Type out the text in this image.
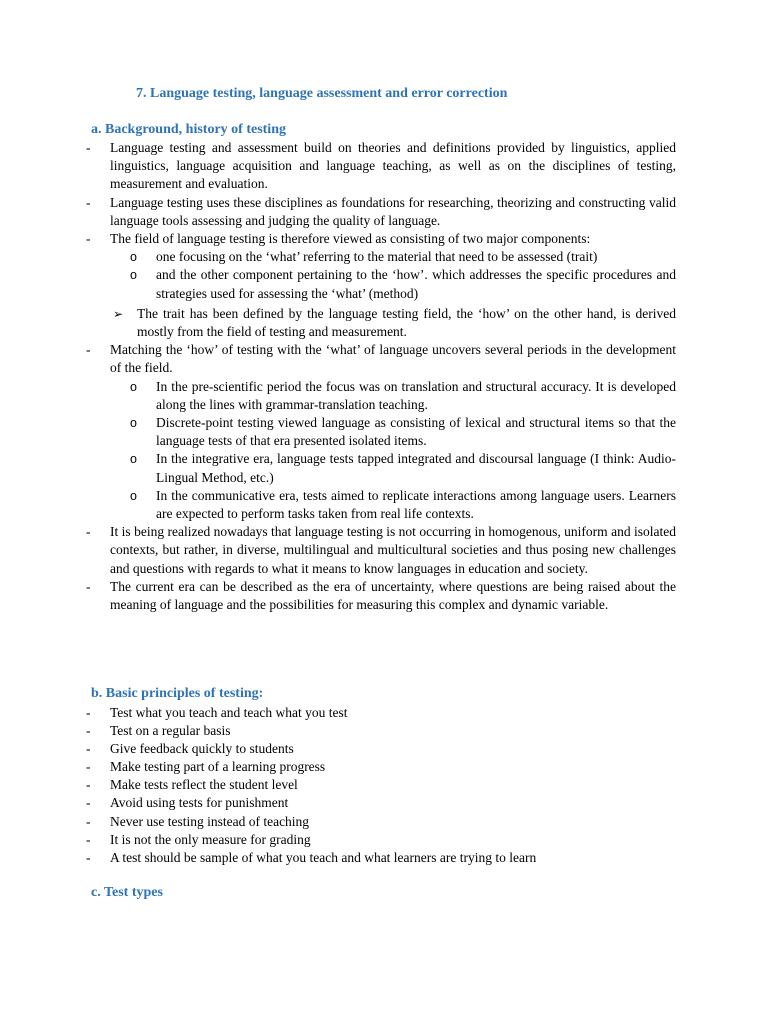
7. Language testing, language assessment and error correction
a. Background, history of testing
-	Language testing and assessment build on theories and definitions provided by linguistics, applied linguistics, language acquisition and language teaching, as well as on the disciplines of testing, measurement and evaluation.
-	Language testing uses these disciplines as foundations for researching, theorizing and constructing valid language tools assessing and judging the quality of language.
-	The field of language testing is therefore viewed as consisting of two major components:
o	one focusing on the ‘what’ referring to the material that need to be assessed (trait)
o	and the other component pertaining to the ‘how’. which addresses the specific procedures and strategies used for assessing the ‘what’ (method)
➢	The trait has been defined by the language testing field, the ‘how’ on the other hand, is derived mostly from the field of testing and measurement.
-	Matching the ‘how’ of testing with the ‘what’ of language uncovers several periods in the development of the field.
o	In the pre-scientific period the focus was on translation and structural accuracy. It is developed along the lines with grammar-translation teaching.
o	Discrete-point testing viewed language as consisting of lexical and structural items so that the language tests of that era presented isolated items.
o	In the integrative era, language tests tapped integrated and discoursal language (I think: Audio-Lingual Method, etc.)
o	In the communicative era, tests aimed to replicate interactions among language users. Learners are expected to perform tasks taken from real life contexts.
-	It is being realized nowadays that language testing is not occurring in homogenous, uniform and isolated contexts, but rather, in diverse, multilingual and multicultural societies and thus posing new challenges and questions with regards to what it means to know languages in education and society.
-	The current era can be described as the era of uncertainty, where questions are being raised about the meaning of language and the possibilities for measuring this complex and dynamic variable.
b. Basic principles of testing:
-	Test what you teach and teach what you test
-	Test on a regular basis
-	Give feedback quickly to students
-	Make testing part of a learning progress
-	Make tests reflect the student level
-	Avoid using tests for punishment
-	Never use testing instead of teaching
-	It is not the only measure for grading
-	A test should be sample of what you teach and what learners are trying to learn
c. Test types
